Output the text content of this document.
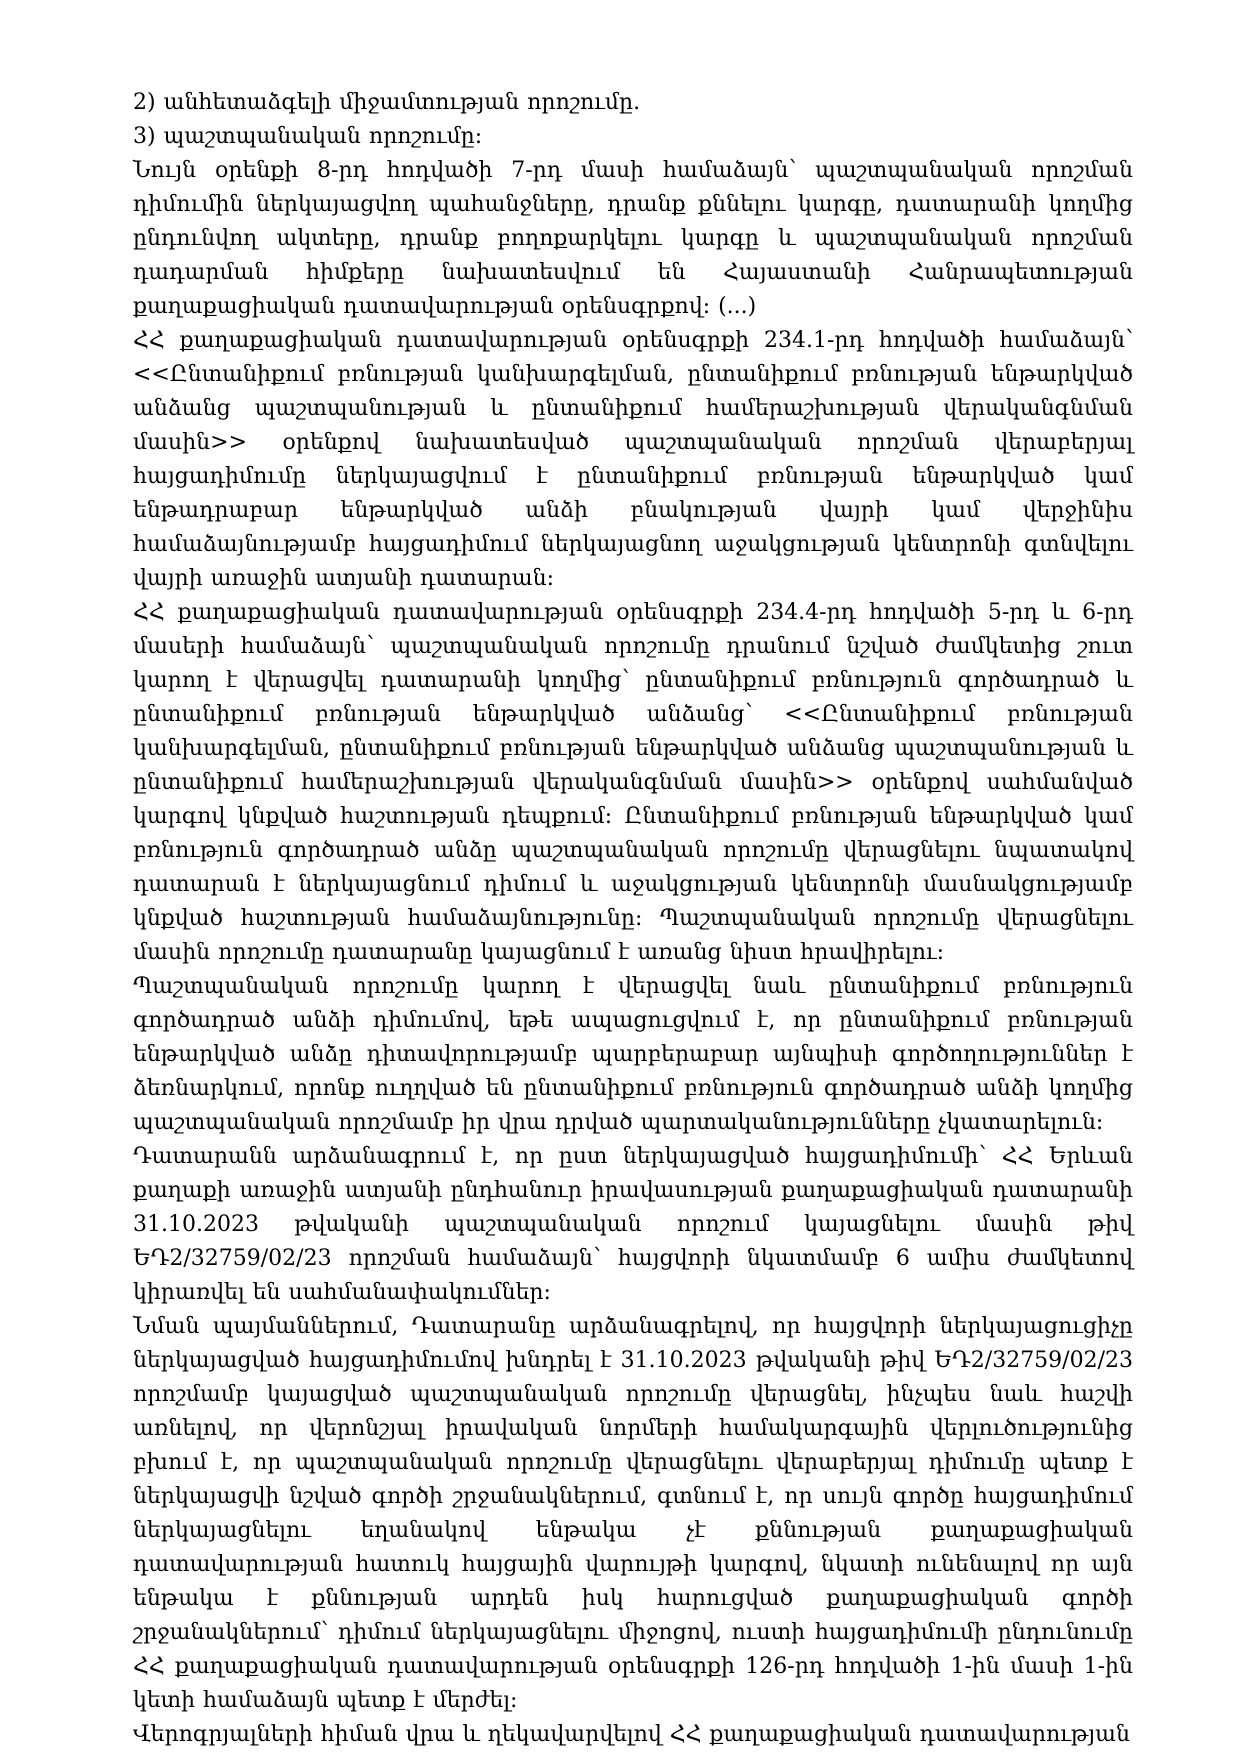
2) անհետաձգելի միջամտության որոշումը.

3) պաշտպանական որոշումը:

Նույն օրենքի 8-րդ հոդվածի 7-րդ մասի համաձայն՝ պաշտպանական որոշման դիմումին ներկայացվող պահանջները, դրանք քննելու կարգը, դատարանի կողմից ընդունվող ակտերը, դրանք բողոքարկելու կարգը և պաշտպանական որոշման դադարման հիմքերը նախատեսվում են Հայաստանի Հանրապետության քաղաքացիական դատավարության օրենսգրքով: (...)

ՀՀ քաղաքացիական դատավարության օրենսգրքի 234.1-րդ հոդվածի համաձայն՝ <<Ընտանիքում բռնության կանխարգելման, ընտանիքում բռնության ենթարկված անձանց պաշտպանության և ընտանիքում համերաշխության վերականգնման մասին>> օրենքով նախատեսված պաշտպանական որոշման վերաբերյալ հայցադիմումը ներկայացվում է ընտանիքում բռնության ենթարկված կամ ենթադրաբար ենթարկված անձի բնակության վայրի կամ վերջինիս համաձայնությամբ հայցադիմում ներկայացնող աջակցության կենտրոնի գտնվելու վայրի առաջին ատյանի դատարան:

ՀՀ քաղաքացիական դատավարության օրենսգրքի 234.4-րդ հոդվածի 5-րդ և 6-րդ մասերի համաձայն՝ պաշտպանական որոշումը դրանում նշված ժամկետից շուտ կարող է վերացվել դատարանի կողմից՝ ընտանիքում բռնություն գործադրած և ընտանիքում բռնության ենթարկված անձանց՝ <<Ընտանիքում բռնության կանխարգելման, ընտանիքում բռնության ենթարկված անձանց պաշտպանության և ընտանիքում համերաշխության վերականգնման մասին>> օրենքով սահմանված կարգով կնքված հաշտության դեպքում: Ընտանիքում բռնության ենթարկված կամ բռնություն գործադրած անձը պաշտպանական որոշումը վերացնելու նպատակով դատարան է ներկայացնում դիմում և աջակցության կենտրոնի մասնակցությամբ կնքված հաշտության համաձայնությունը: Պաշտպանական որոշումը վերացնելու մասին որոշումը դատարանը կայացնում է առանց նիստ հրավիրելու:

Պաշտպանական որոշումը կարող է վերացվել նաև ընտանիքում բռնություն գործադրած անձի դիմումով, եթե ապացուցվում է, որ ընտանիքում բռնության ենթարկված անձը դիտավորությամբ պարբերաբար այնպիսի գործողություններ է ձեռնարկում, որոնք ուղղված են ընտանիքում բռնություն գործադրած անձի կողմից պաշտպանական որոշմամբ իր վրա դրված պարտականությունները չկատարելուն:

Դատարանն արձանագրում է, որ ըստ ներկայացված հայցադիմումի՝ ՀՀ Երևան քաղաքի առաջին ատյանի ընդհանուր իրավասության քաղաքացիական դատարանի 31.10.2023 թվականի պաշտպանական որոշում կայացնելու մասին թիվ ԵԴ2/32759/02/23 որոշման համաձայն՝ հայցվորի նկատմամբ 6 ամիս ժամկետով կիրառվել են սահմանափակումներ:

Նման պայմաններում, Դատարանը արձանագրելով, որ հայցվորի ներկայացուցիչը ներկայացված հայցադիմումով խնդրել է 31.10.2023 թվականի թիվ ԵԴ2/32759/02/23 որոշմամբ կայացված պաշտպանական որոշումը վերացնել, ինչպես նաև հաշվի առնելով, որ վերոնշյալ իրավական նորմերի համակարգային վերլուծությունից բխում է, որ պաշտպանական որոշումը վերացնելու վերաբերյալ դիմումը պետք է ներկայացվի նշված գործի շրջանակներում, գտնում է, որ սույն գործը հայցադիմում ներկայացնելու եղանակով ենթակա չէ քննության քաղաքացիական դատավարության հատուկ հայցային վարույթի կարգով, նկատի ունենալով որ այն ենթակա է քննության արդեն իսկ հարուցված քաղաքացիական գործի շրջանակներում՝ դիմում ներկայացնելու միջոցով, ուստի հայցադիմումի ընդունումը ՀՀ քաղաքացիական դատավարության օրենսգրքի 126-րդ հոդվածի 1-ին մասի 1-ին կետի համաձայն պետք է մերժել:

Վերոգրյալների հիման վրա և ղեկավարվելով ՀՀ քաղաքացիական դատավարության
